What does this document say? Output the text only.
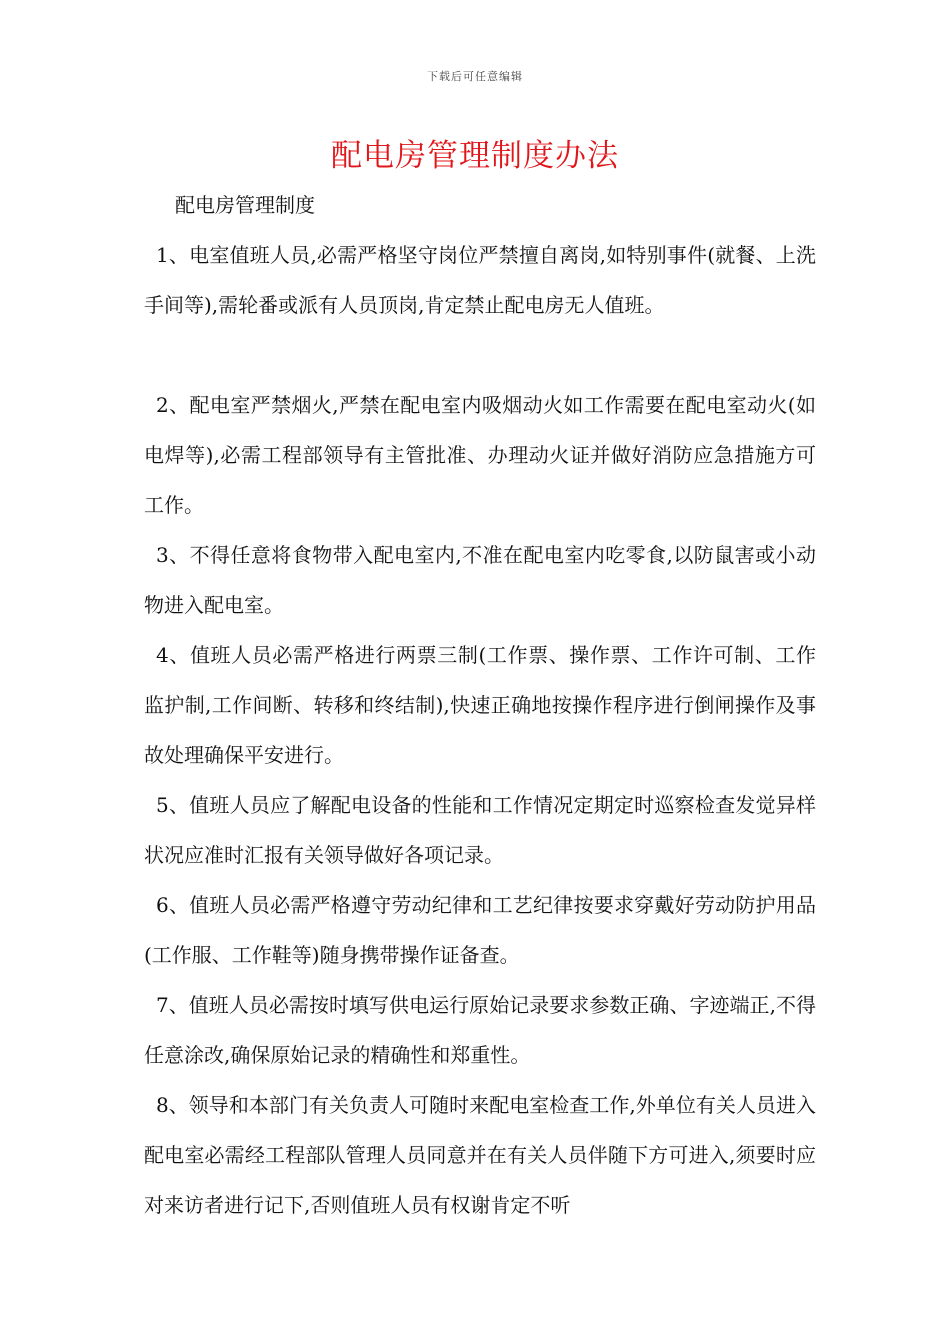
下载后可任意编辑
配电房管理制度办法

配电房管理制度

1、电室值班人员,必需严格坚守岗位严禁擅自离岗,如特别事件(就餐、上洗手间等),需轮番或派有人员顶岗,肯定禁止配电房无人值班。

2、配电室严禁烟火,严禁在配电室内吸烟动火如工作需要在配电室动火(如电焊等),必需工程部领导有主管批准、办理动火证并做好消防应急措施方可工作。

3、不得任意将食物带入配电室内,不准在配电室内吃零食,以防鼠害或小动物进入配电室。

4、值班人员必需严格进行两票三制(工作票、操作票、工作许可制、工作监护制,工作间断、转移和终结制),快速正确地按操作程序进行倒闸操作及事故处理确保平安进行。

5、值班人员应了解配电设备的性能和工作情况定期定时巡察检查发觉异样状况应准时汇报有关领导做好各项记录。

6、值班人员必需严格遵守劳动纪律和工艺纪律按要求穿戴好劳动防护用品(工作服、工作鞋等)随身携带操作证备查。

7、值班人员必需按时填写供电运行原始记录要求参数正确、字迹端正,不得任意涂改,确保原始记录的精确性和郑重性。

8、领导和本部门有关负责人可随时来配电室检查工作,外单位有关人员进入配电室必需经工程部队管理人员同意并在有关人员伴随下方可进入,须要时应对来访者进行记下,否则值班人员有权谢肯定不听
